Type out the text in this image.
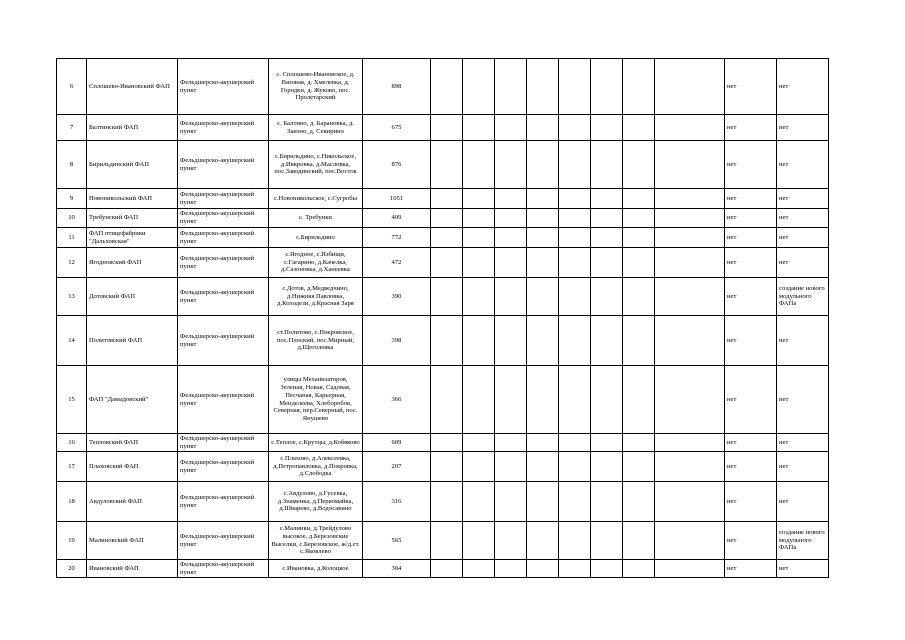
6	Сплошево-Ивановский ФАП	Фельдшерско-акушерский пункт	с. Сплошево-Ивановское, д. Вязовая, д. Хмелевка, д. Городки, д. Жуково, пос. Пролетарский	898									нет	нет
7	Балтинский ФАП	Фельдшерско-акушерский пункт	с. Балтино, д. Барановка, д. Заизно, д. Секирино	675									нет	нет
8	Бирильдинский ФАП	Фельдшерско-акушерский пункт	с.Бирильдино, с.Никольское, д.Ивкровка, д.Масловка, пос.Заводинский, пос.Восток	876									нет	нет
9	Новоникольский ФАП	Фельдшерско-акушерский пункт	с.Новоникольское, с.Сугробы	1051									нет	нет
10	Требунский ФАП	Фельдшерско-акушерский пункт	с. Требунки	409									нет	нет
11	ФАП птицефабрики "Дальховская"	Фельдшерско-акушерский пункт	с.Бирильдино	772									нет	нет
12	Ягодновский ФАП	Фельдшерско-акушерский пункт	с.Ягодное, с.Избищи, с.Гагарино, д.Качелка, д.Сазоновка, д.Ханеевка	472									нет	нет
13	Дотовский ФАП	Фельдшерско-акушерский пункт	с.Дотов, д.Медведчино, д.Нижняя Павловка, д.Колодези, д.Красная Заря	390									нет	создание нового модульного ФАПа
14	Политовский ФАП	Фельдшерско-акушерский пункт	ст.Политово, с.Покровское, пос.Плоский, пос.Мирный, д.Щеголевка	398									нет	нет
15	ФАП "Давыдовский"	Фельдшерско-акушерский пункт	улицы Механизаторов, Зеленая, Новая, Садовая, Песчаная, Карьерная, Менделеева, Хлеборобов, Северная, пер.Северный, пос. Янушево	366									нет	нет
16	Тепловский ФАП	Фельдшерско-акушерский пункт	с.Теплое, с.Крутцы, д.Кобяково	609									нет	нет
17	Плаховский ФАП	Фельдшерско-акушерский пункт	с.Плахово, д.Алексеевка, д.Петропавловка, д.Покровка, д.Слободка	207									нет	нет
18	Авдуловский ФАП	Фельдшерско-акушерский пункт	с.Авдулово, д.Гусевка, д.Знаменка, д.Первомайка, д.Шварево, д.Водосавино	316									нет	нет
19	Малиновский ФАП	Фельдшерско-акушерский пункт	с.Малинки, д.Трейдулово высокое, д.Березовские Выселки, с.Березовское, ж/д.ст. с.Яковлево	565									нет	создание нового модульного ФАПа
20	Ивановский ФАП	Фельдшерско-акушерский пункт	с.Ивановка, д.Колоцкое	304									нет	нет
